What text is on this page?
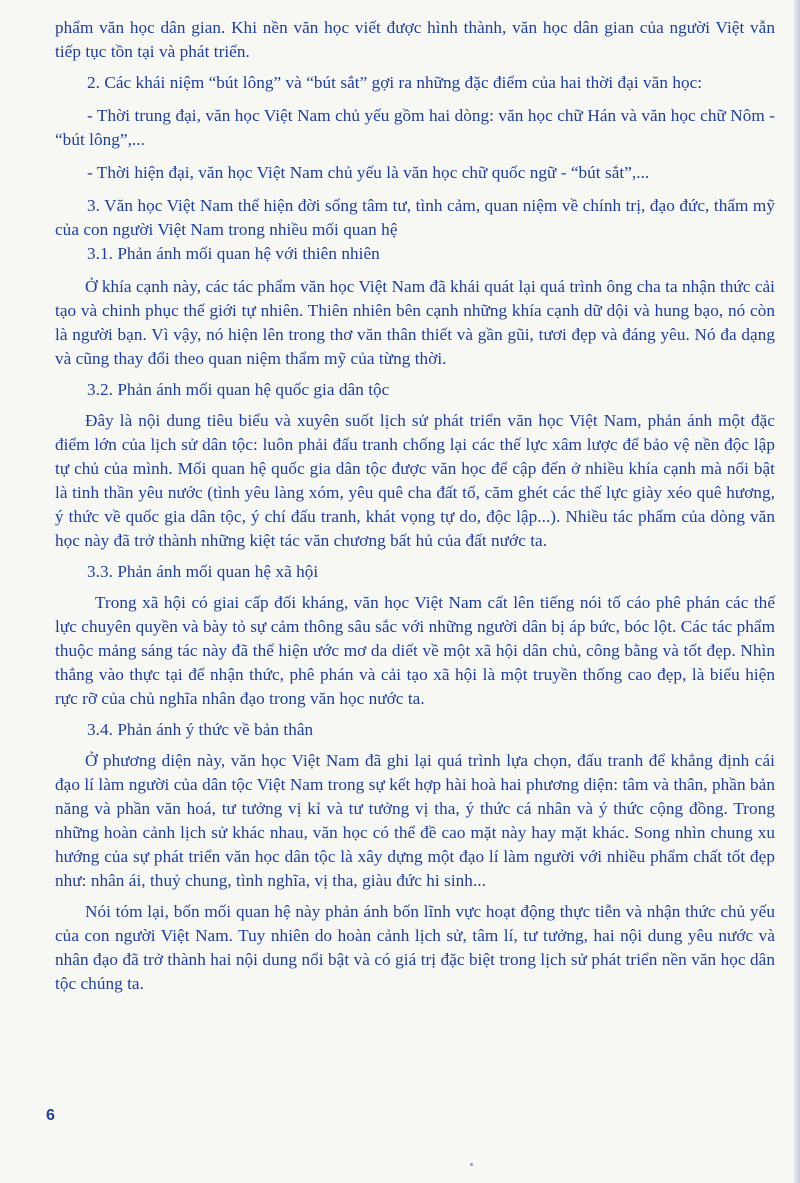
phẩm văn học dân gian. Khi nền văn học viết được hình thành, văn học dân gian của người Việt vẫn tiếp tục tồn tại và phát triển.

2. Các khái niệm “bút lông” và “bút sắt” gợi ra những đặc điểm của hai thời đại văn học:

- Thời trung đại, văn học Việt Nam chủ yếu gồm hai dòng: văn học chữ Hán và văn học chữ Nôm - “bút lông”,...

- Thời hiện đại, văn học Việt Nam chủ yếu là văn học chữ quốc ngữ - “bút sắt”,...

3. Văn học Việt Nam thể hiện đời sống tâm tư, tình cảm, quan niệm về chính trị, đạo đức, thẩm mỹ của con người Việt Nam trong nhiều mối quan hệ

3.1. Phản ánh mối quan hệ với thiên nhiên

Ở khía cạnh này, các tác phẩm văn học Việt Nam đã khái quát lại quá trình ông cha ta nhận thức cải tạo và chinh phục thế giới tự nhiên. Thiên nhiên bên cạnh những khía cạnh dữ dội và hung bạo, nó còn là người bạn. Vì vậy, nó hiện lên trong thơ văn thân thiết và gần gũi, tươi đẹp và đáng yêu. Nó đa dạng và cũng thay đổi theo quan niệm thẩm mỹ của từng thời.

3.2. Phản ánh mối quan hệ quốc gia dân tộc

Đây là nội dung tiêu biểu và xuyên suốt lịch sử phát triển văn học Việt Nam, phản ánh một đặc điểm lớn của lịch sử dân tộc: luôn phải đấu tranh chống lại các thế lực xâm lược để bảo vệ nền độc lập tự chủ của mình. Mối quan hệ quốc gia dân tộc được văn học để cập đến ở nhiều khía cạnh mà nổi bật là tinh thần yêu nước (tình yêu làng xóm, yêu quê cha đất tổ, căm ghét các thế lực giày xéo quê hương, ý thức về quốc gia dân tộc, ý chí đấu tranh, khát vọng tự do, độc lập...). Nhiều tác phẩm của dòng văn học này đã trở thành những kiệt tác văn chương bất hủ của đất nước ta.

3.3. Phản ánh mối quan hệ xã hội

Trong xã hội có giai cấp đối kháng, văn học Việt Nam cất lên tiếng nói tố cáo phê phán các thế lực chuyên quyền và bày tỏ sự cảm thông sâu sắc với những người dân bị áp bức, bóc lột. Các tác phẩm thuộc mảng sáng tác này đã thể hiện ước mơ da diết về một xã hội dân chủ, công bằng và tốt đẹp. Nhìn thẳng vào thực tại để nhận thức, phê phán và cải tạo xã hội là một truyền thống cao đẹp, là biểu hiện rực rỡ của chủ nghĩa nhân đạo trong văn học nước ta.

3.4. Phản ánh ý thức về bản thân

Ở phương diện này, văn học Việt Nam đã ghi lại quá trình lựa chọn, đấu tranh để khẳng định cái đạo lí làm người của dân tộc Việt Nam trong sự kết hợp hài hoà hai phương diện: tâm và thân, phần bản năng và phần văn hoá, tư tưởng vị kỉ và tư tưởng vị tha, ý thức cá nhân và ý thức cộng đồng. Trong những hoàn cảnh lịch sử khác nhau, văn học có thể đề cao mặt này hay mặt khác. Song nhìn chung xu hướng của sự phát triển văn học dân tộc là xây dựng một đạo lí làm người với nhiều phẩm chất tốt đẹp như: nhân ái, thuỷ chung, tình nghĩa, vị tha, giàu đức hi sinh...

Nói tóm lại, bốn mối quan hệ này phản ánh bốn lĩnh vực hoạt động thực tiễn và nhận thức chủ yếu của con người Việt Nam. Tuy nhiên do hoàn cảnh lịch sử, tâm lí, tư tưởng, hai nội dung yêu nước và nhân đạo đã trở thành hai nội dung nổi bật và có giá trị đặc biệt trong lịch sử phát triển nền văn học dân tộc chúng ta.

6
